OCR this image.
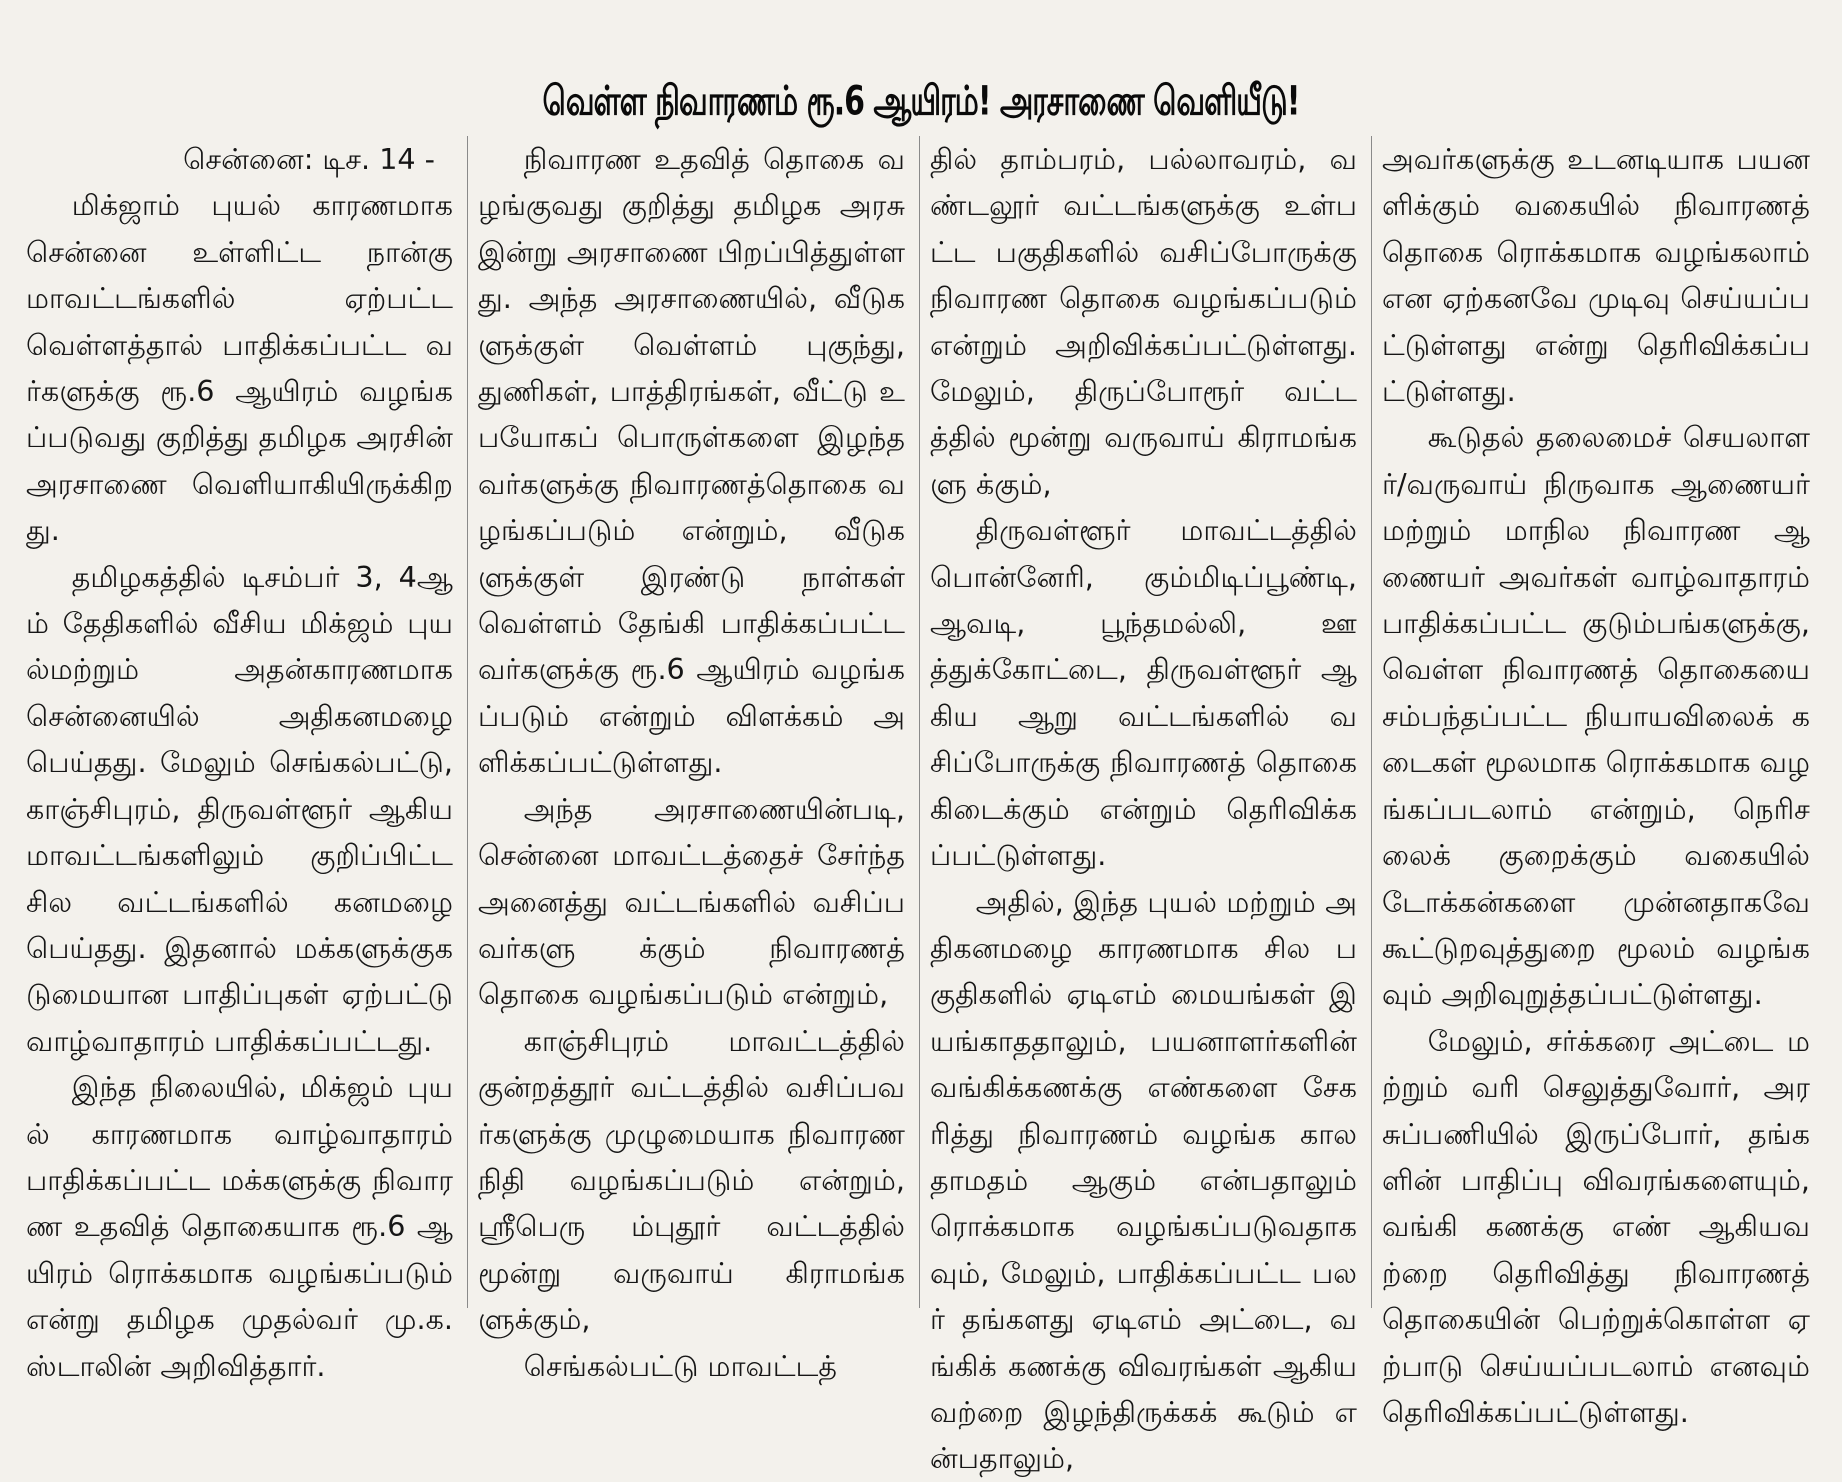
வெள்ள நிவாரணம் ரூ.6 ஆயிரம்! அரசாணை வெளியீடு!

சென்னை: டிச. 14 -

மிக்ஜாம் புயல் காரணமாக சென்னை உள்ளிட்ட நான்கு மாவட்டங்களில் ஏற்பட்ட வெள்ளத்தால் பாதிக்கப்பட்ட வர்களுக்கு ரூ.6 ஆயிரம் வழங்கப்படுவது குறித்து தமிழக அரசின் அரசாணை வெளியாகியிருக்கிறது.

தமிழகத்தில் டிசம்பர் 3, 4ஆம் தேதிகளில் வீசிய மிக்ஜம் புயல்மற்றும் அதன்காரணமாக சென்னையில் அதிகனமழை பெய்தது. மேலும் செங்கல்பட்டு, காஞ்சிபுரம், திருவள்ளூர் ஆகிய மாவட்டங்களிலும் குறிப்பிட்ட சில வட்டங்களில் கனமழை பெய்தது. இதனால் மக்களுக்குகடுமையான பாதிப்புகள் ஏற்பட்டு வாழ்வாதாரம் பாதிக்கப்பட்டது.

இந்த நிலையில், மிக்ஜம் புயல் காரணமாக வாழ்வாதாரம் பாதிக்கப்பட்ட மக்களுக்கு நிவாரண உதவித் தொகையாக ரூ.6 ஆயிரம் ரொக்கமாக வழங்கப்படும் என்று தமிழக முதல்வர் மு.க. ஸ்டாலின் அறிவித்தார்.

நிவாரண உதவித் தொகை வழங்குவது குறித்து தமிழக அரசு இன்று அரசாணை பிறப்பித்துள்ளது. அந்த அரசாணையில், வீடுகளுக்குள் வெள்ளம் புகுந்து, துணிகள், பாத்திரங்கள், வீட்டு உபயோகப் பொருள்களை இழந்தவர்களுக்கு நிவாரணத்தொகை வழங்கப்படும் என்றும், வீடுகளுக்குள் இரண்டு நாள்கள் வெள்ளம் தேங்கி பாதிக்கப்பட்டவர்களுக்கு ரூ.6 ஆயிரம் வழங்கப்படும் என்றும் விளக்கம் அளிக்கப்பட்டுள்ளது.

அந்த அரசாணையின்படி, சென்னை மாவட்டத்தைச் சேர்ந்த அனைத்து வட்டங்களில் வசிப்பவர்களு க்கும் நிவாரணத் தொகை வழங்கப்படும் என்றும்,

காஞ்சிபுரம் மாவட்டத்தில் குன்றத்தூர் வட்டத்தில் வசிப்பவர்களுக்கு முழுமையாக நிவாரண நிதி வழங்கப்படும் என்றும், ஸ்ரீபெரு ம்புதூர் வட்டத்தில் மூன்று வருவாய் கிராமங்களுக்கும்,

செங்கல்பட்டு மாவட்டத்

தில் தாம்பரம், பல்லாவரம், வண்டலூர் வட்டங்களுக்கு உள்பட்ட பகுதிகளில் வசிப்போருக்கு நிவாரண தொகை வழங்கப்படும் என்றும் அறிவிக்கப்பட்டுள்ளது. மேலும், திருப்போரூர் வட்டத்தில் மூன்று வருவாய் கிராமங்களு க்கும்,

திருவள்ளூர் மாவட்டத்தில் பொன்னேரி, கும்மிடிப்பூண்டி, ஆவடி, பூந்தமல்லி, ஊத்துக்கோட்டை, திருவள்ளூர் ஆகிய ஆறு வட்டங்களில் வசிப்போருக்கு நிவாரணத் தொகை கிடைக்கும் என்றும் தெரிவிக்கப்பட்டுள்ளது.

அதில், இந்த புயல் மற்றும் அதிகனமழை காரணமாக சில பகுதிகளில் ஏடிஎம் மையங்கள் இயங்காததாலும், பயனாளர்களின் வங்கிக்கணக்கு எண்களை சேகரித்து நிவாரணம் வழங்க காலதாமதம் ஆகும் என்பதாலும் ரொக்கமாக வழங்கப்படுவதாகவும், மேலும், பாதிக்கப்பட்ட பலர் தங்களது ஏடிஎம் அட்டை, வங்கிக் கணக்கு விவரங்கள் ஆகியவற்றை இழந்திருக்கக் கூடும் என்பதாலும்,

அவர்களுக்கு உடனடியாக பயனளிக்கும் வகையில் நிவாரணத் தொகை ரொக்கமாக வழங்கலாம் என ஏற்கனவே முடிவு செய்யப்பட்டுள்ளது என்று தெரிவிக்கப்பட்டுள்ளது.

கூடுதல் தலைமைச் செயலாளர்/வருவாய் நிருவாக ஆணையர் மற்றும் மாநில நிவாரண ஆணையர் அவர்கள் வாழ்வாதாரம் பாதிக்கப்பட்ட குடும்பங்களுக்கு, வெள்ள நிவாரணத் தொகையை சம்பந்தப்பட்ட நியாயவிலைக் கடைகள் மூலமாக ரொக்கமாக வழங்கப்படலாம் என்றும், நெரிசலைக் குறைக்கும் வகையில் டோக்கன்களை முன்னதாகவே கூட்டுறவுத்துறை மூலம் வழங்கவும் அறிவுறுத்தப்பட்டுள்ளது.

மேலும், சர்க்கரை அட்டை மற்றும் வரி செலுத்துவோர், அரசுப்பணியில் இருப்போர், தங்களின் பாதிப்பு விவரங்களையும், வங்கி கணக்கு எண் ஆகியவற்றை தெரிவித்து நிவாரணத் தொகையின் பெற்றுக்கொள்ள ஏற்பாடு செய்யப்படலாம் எனவும் தெரிவிக்கப்பட்டுள்ளது.
